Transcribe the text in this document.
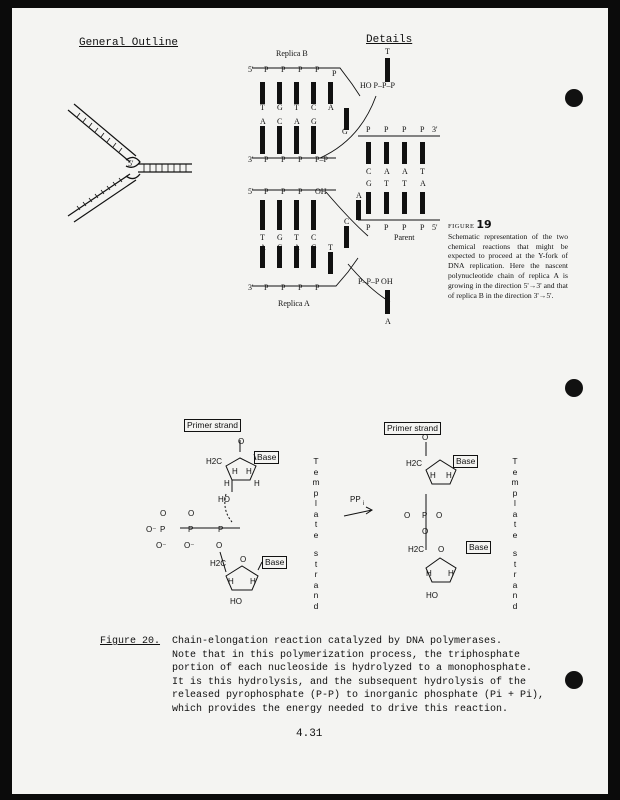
General Outline	Details
5'
Replica B
5' P P P P P
T G T C A
A C A G
G
3' P P P P–P
T
HO P–P–P
P P P P 3'
C A A T
G T T A
P P P P 5'
Parent
5' P P P OH
T G T C
A C A G
A
C
T
3' P P P P
P–P–P OH
A
Replica A
FIGURE 19
Schematic representation of the two chemical reactions that might be expected to proceed at the Y-fork of DNA replication. Here the nascent polynucleotide chain of replica A is growing in the direction 5'→3' and that of replica B in the direction 3'→5'.
Primer strand	Primer strand
Base
Base
Base
Base
H2C
O
H H
H	H
HO
O⁻ P	P	P
O	O
O⁻ O⁻	O
H2C O
H H
HO
PP i
H2C
O
H H
O P O
O
H2C O
H H
HO
T
e
m
p
l
a
t
e
s
t
r
a
n
d
T
e
m
p
l
a
t
e
s
t
r
a
n
d
Figure 20. Chain-elongation reaction catalyzed by DNA polymerases.
Note that in this polymerization process, the triphosphate
portion of each nucleoside is hydrolyzed to a monophosphate.
It is this hydrolysis, and the subsequent hydrolysis of the
released pyrophosphate (P-P) to inorganic phosphate (Pi + Pi),
which provides the energy needed to drive this reaction.
4.31
